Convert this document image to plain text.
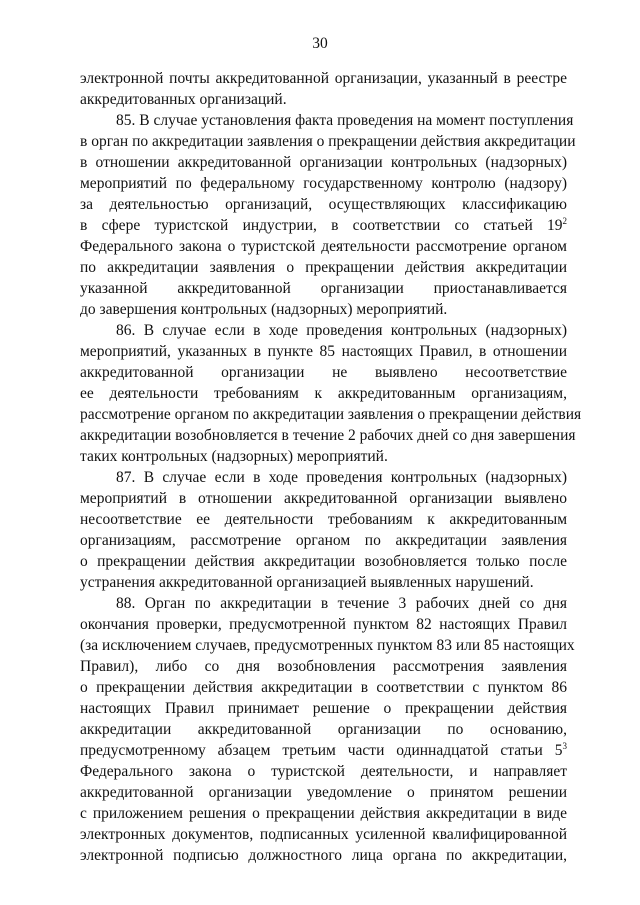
30
электронной почты аккредитованной организации, указанный в реестре
аккредитованных организаций.
85. В случае установления факта проведения на момент поступления
в орган по аккредитации заявления о прекращении действия аккредитации
в отношении аккредитованной организации контрольных (надзорных)
мероприятий по федеральному государственному контролю (надзору)
за деятельностью организаций, осуществляющих классификацию
в сфере туристской индустрии, в соответствии со статьей $19^2$
Федерального закона о туристской деятельности рассмотрение органом
по аккредитации заявления о прекращении действия аккредитации
указанной аккредитованной организации приостанавливается
до завершения контрольных (надзорных) мероприятий.
86. В случае если в ходе проведения контрольных (надзорных)
мероприятий, указанных в пункте 85 настоящих Правил, в отношении
аккредитованной организации не выявлено несоответствие
ее деятельности требованиям к аккредитованным организациям,
рассмотрение органом по аккредитации заявления о прекращении действия
аккредитации возобновляется в течение 2 рабочих дней со дня завершения
таких контрольных (надзорных) мероприятий.
87. В случае если в ходе проведения контрольных (надзорных)
мероприятий в отношении аккредитованной организации выявлено
несоответствие ее деятельности требованиям к аккредитованным
организациям, рассмотрение органом по аккредитации заявления
о прекращении действия аккредитации возобновляется только после
устранения аккредитованной организацией выявленных нарушений.
88. Орган по аккредитации в течение 3 рабочих дней со дня
окончания проверки, предусмотренной пунктом 82 настоящих Правил
(за исключением случаев, предусмотренных пунктом 83 или 85 настоящих
Правил), либо со дня возобновления рассмотрения заявления
о прекращении действия аккредитации в соответствии с пунктом 86
настоящих Правил принимает решение о прекращении действия
аккредитации аккредитованной организации по основанию,
предусмотренному абзацем третьим части одиннадцатой статьи $5^3$
Федерального закона о туристской деятельности, и направляет
аккредитованной организации уведомление о принятом решении
с приложением решения о прекращении действия аккредитации в виде
электронных документов, подписанных усиленной квалифицированной
электронной подписью должностного лица органа по аккредитации,
